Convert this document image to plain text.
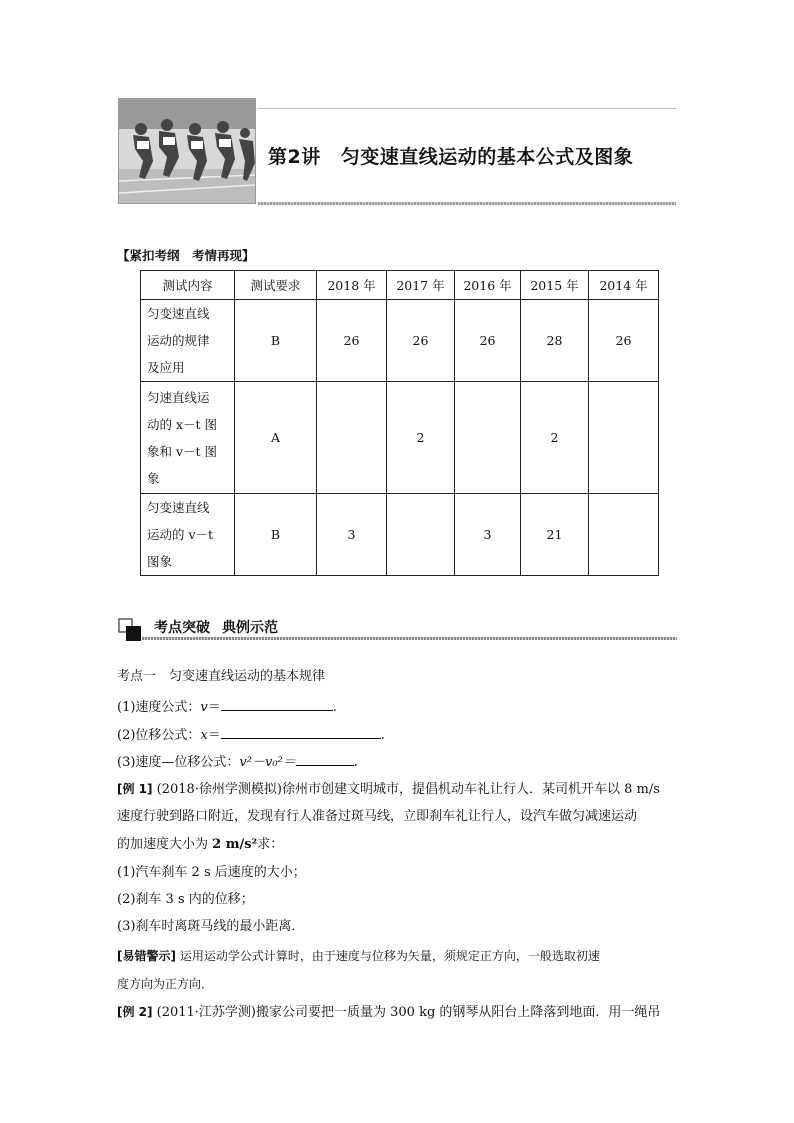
第2讲 匀变速直线运动的基本公式及图象
【紧扣考纲　考情再现】
测试内容	测试要求	2018 年	2017 年	2016 年	2015 年	2014 年
匀变速直线
运动的规律
及应用	B	26	26	26	28	26
匀速直线运
动的 x－t 图
象和 v－t 图
象	A		2		2	
匀变速直线
运动的 v－t
图象	B	3		3	21	
考点突破 典例示范
考点一　匀变速直线运动的基本规律
(1)速度公式：v＝	.
(2)位移公式：x＝	.
(3)速度—位移公式：v²－v₀²＝	.
[例 1] (2018·徐州学测模拟)徐州市创建文明城市，提倡机动车礼让行人．某司机开车以 8 m/s
速度行驶到路口附近，发现有行人准备过斑马线，立即刹车礼让行人，设汽车做匀减速运动
的加速度大小为 2 m/s²求：
(1)汽车刹车 2 s 后速度的大小；
(2)刹车 3 s 内的位移；
(3)刹车时离斑马线的最小距离．
[易错警示] 运用运动学公式计算时，由于速度与位移为矢量，须规定正方向，一般选取初速
度方向为正方向．
[例 2] (2011·江苏学测)搬家公司要把一质量为 300 kg 的钢琴从阳台上降落到地面．用一绳吊
